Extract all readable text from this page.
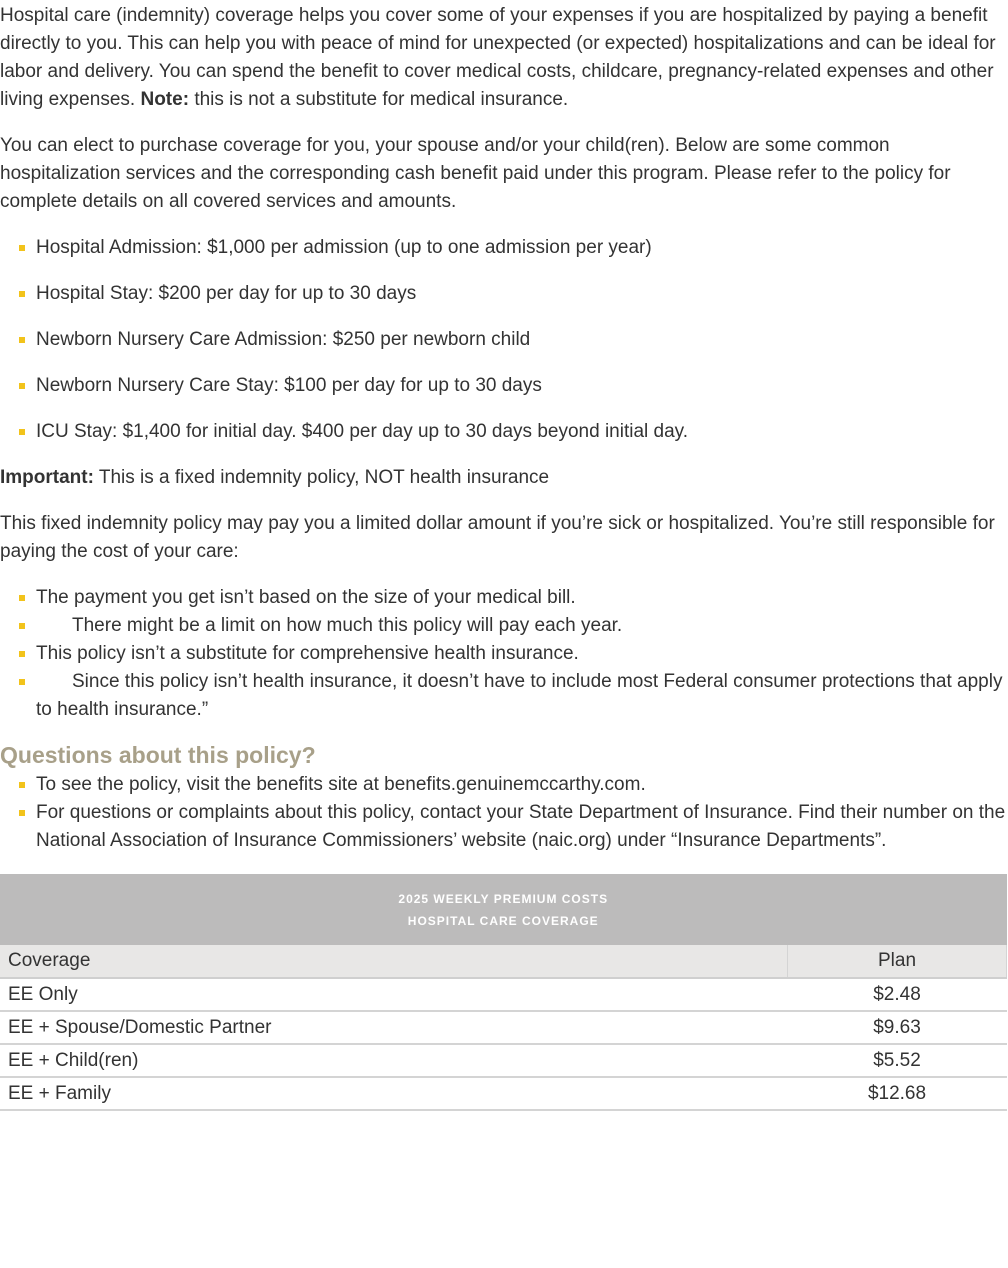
Hospital care (indemnity) coverage helps you cover some of your expenses if you are hospitalized by paying a benefit directly to you. This can help you with peace of mind for unexpected (or expected) hospitalizations and can be ideal for labor and delivery. You can spend the benefit to cover medical costs, childcare, pregnancy-related expenses and other living expenses. Note: this is not a substitute for medical insurance.

You can elect to purchase coverage for you, your spouse and/or your child(ren). Below are some common hospitalization services and the corresponding cash benefit paid under this program. Please refer to the policy for complete details on all covered services and amounts.

Hospital Admission: $1,000 per admission (up to one admission per year)
Hospital Stay: $200 per day for up to 30 days
Newborn Nursery Care Admission: $250 per newborn child
Newborn Nursery Care Stay: $100 per day for up to 30 days
ICU Stay: $1,400 for initial day. $400 per day up to 30 days beyond initial day.

Important: This is a fixed indemnity policy, NOT health insurance

This fixed indemnity policy may pay you a limited dollar amount if you’re sick or hospitalized. You’re still responsible for paying the cost of your care:

The payment you get isn’t based on the size of your medical bill.
There might be a limit on how much this policy will pay each year.
This policy isn’t a substitute for comprehensive health insurance.
Since this policy isn’t health insurance, it doesn’t have to include most Federal consumer protections that apply to health insurance.”
Questions about this policy?
To see the policy, visit the benefits site at benefits.genuinemccarthy.com.
For questions or complaints about this policy, contact your State Department of Insurance. Find their number on the National Association of Insurance Commissioners’ website (naic.org) under “Insurance Departments”.
2025 WEEKLY PREMIUM COSTS
HOSPITAL CARE COVERAGE	

Coverage	Plan
EE Only	$2.48
EE + Spouse/Domestic Partner	$9.63
EE + Child(ren)	$5.52
EE + Family	$12.68
